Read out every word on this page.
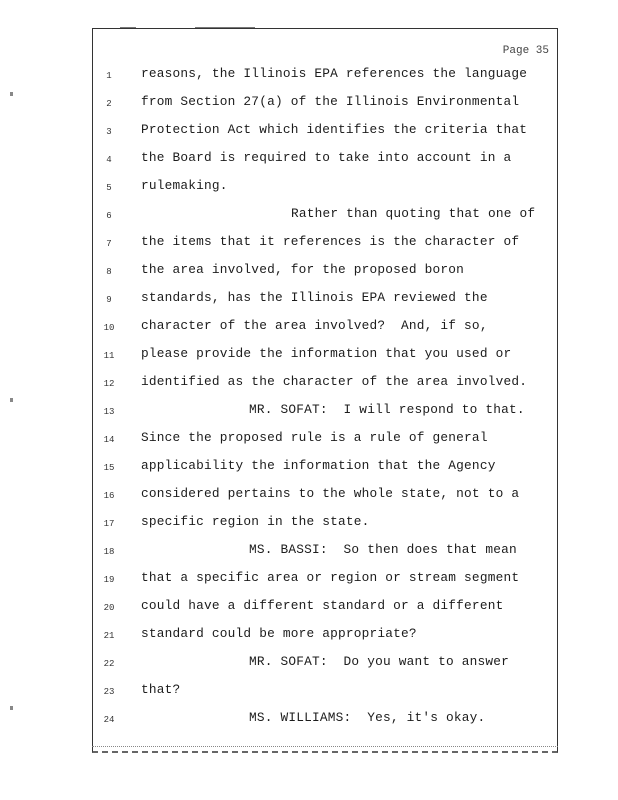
Page 35
1	reasons, the Illinois EPA references the language
2	from Section 27(a) of the Illinois Environmental
3	Protection Act which identifies the criteria that
4	the Board is required to take into account in a
5	rulemaking.
6	Rather than quoting that one of
7	the items that it references is the character of
8	the area involved, for the proposed boron
9	standards, has the Illinois EPA reviewed the
10	character of the area involved?  And, if so,
11	please provide the information that you used or
12	identified as the character of the area involved.
13	MR. SOFAT:  I will respond to that.
14	Since the proposed rule is a rule of general
15	applicability the information that the Agency
16	considered pertains to the whole state, not to a
17	specific region in the state.
18	MS. BASSI:  So then does that mean
19	that a specific area or region or stream segment
20	could have a different standard or a different
21	standard could be more appropriate?
22	MR. SOFAT:  Do you want to answer
23	that?
24	MS. WILLIAMS:  Yes, it's okay.
